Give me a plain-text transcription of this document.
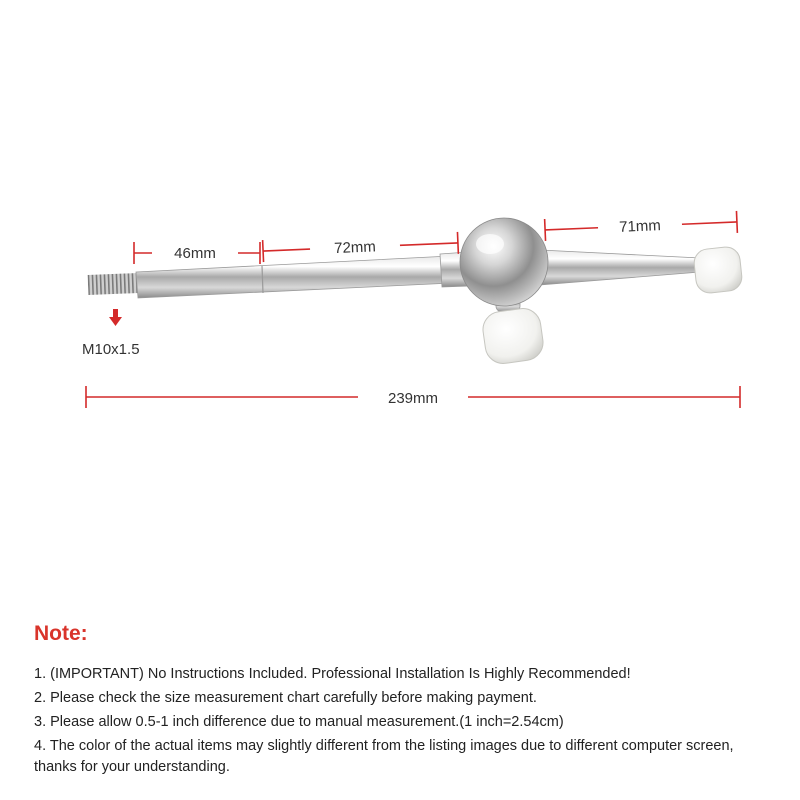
46mm	72mm
71mm
239mm
M10x1.5
Note:
1. (IMPORTANT) No Instructions Included. Professional Installation Is Highly Recommended!
2. Please check the size measurement chart carefully before making payment.
3. Please allow 0.5-1 inch difference due to manual measurement.(1 inch=2.54cm)
4. The color of the actual items may slightly different from the listing images due to different computer screen, thanks for your understanding.
